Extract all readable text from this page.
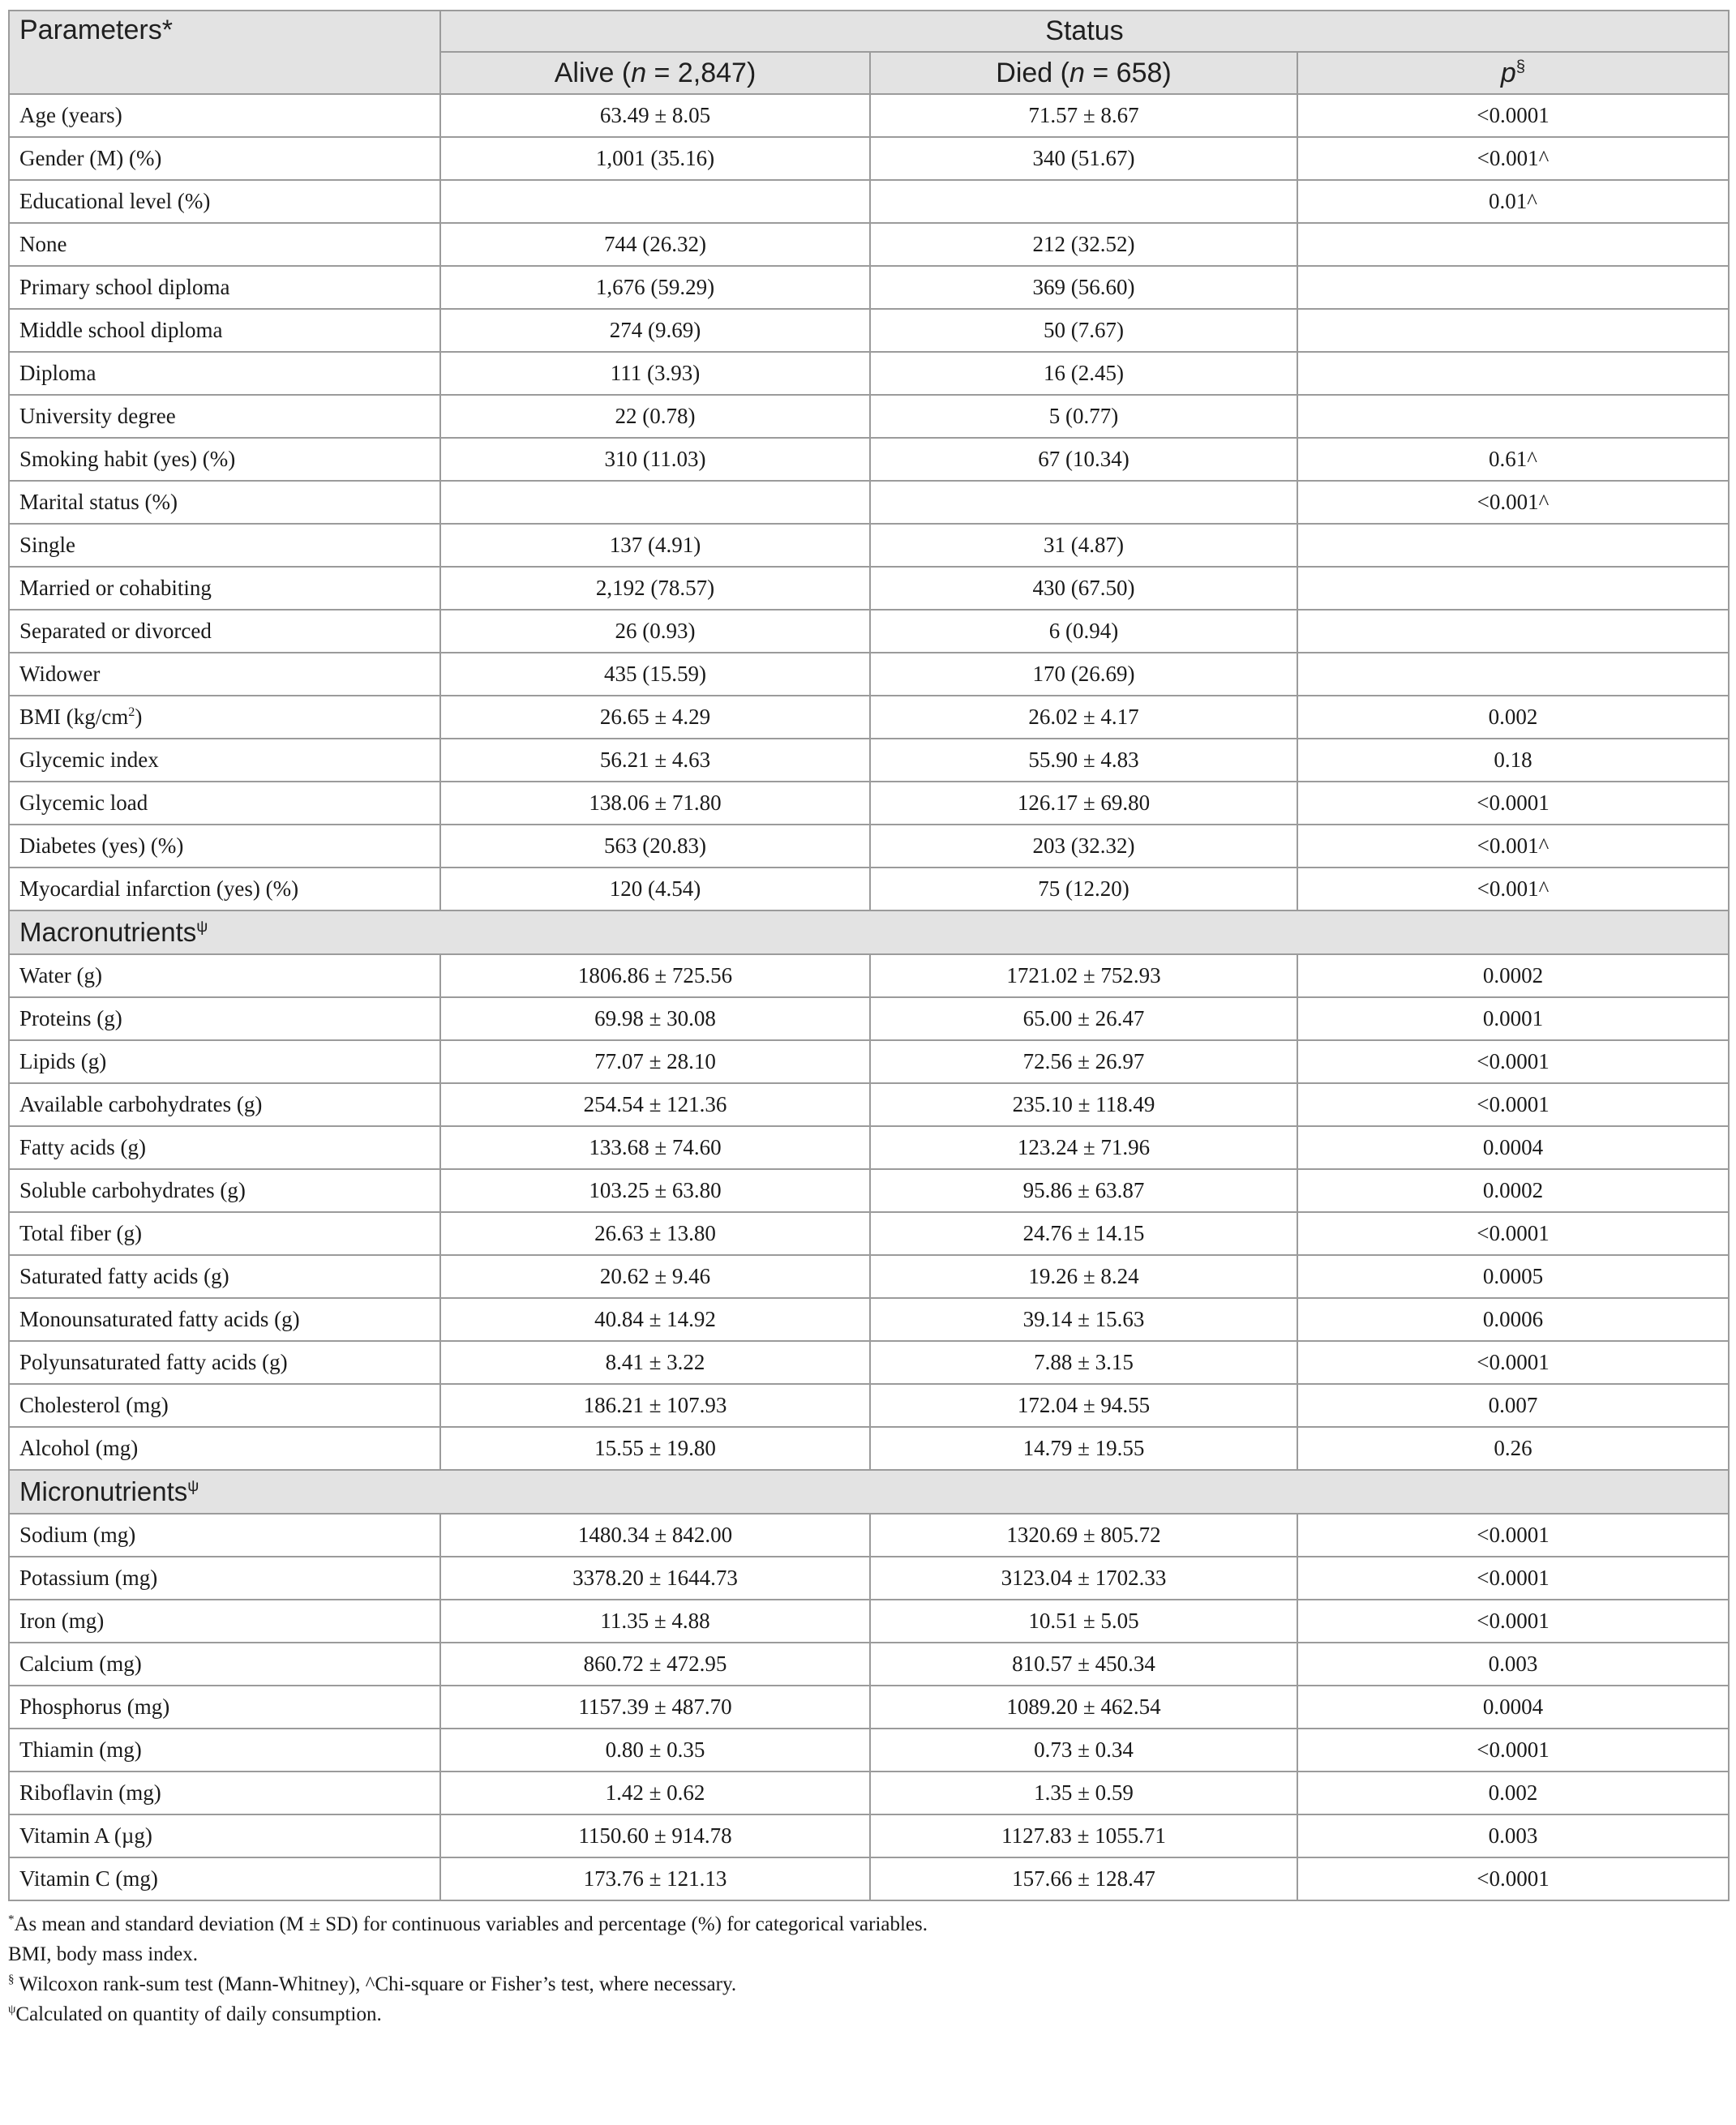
Parameters*	Status		
	Alive (n = 2,847)	Died (n = 658)	p§
Age (years)	63.49 ± 8.05	71.57 ± 8.67	<0.0001
Gender (M) (%)	1,001 (35.16)	340 (51.67)	<0.001^
Educational level (%)			0.01^
None	744 (26.32)	212 (32.52)	
Primary school diploma	1,676 (59.29)	369 (56.60)	
Middle school diploma	274 (9.69)	50 (7.67)	
Diploma	111 (3.93)	16 (2.45)	
University degree	22 (0.78)	5 (0.77)	
Smoking habit (yes) (%)	310 (11.03)	67 (10.34)	0.61^
Marital status (%)			<0.001^
Single	137 (4.91)	31 (4.87)	
Married or cohabiting	2,192 (78.57)	430 (67.50)	
Separated or divorced	26 (0.93)	6 (0.94)	
Widower	435 (15.59)	170 (26.69)	
BMI $(kg/cm^2)$	26.65 ± 4.29	26.02 ± 4.17	0.002
Glycemic index	56.21 ± 4.63	55.90 ± 4.83	0.18
Glycemic load	138.06 ± 71.80	126.17 ± 69.80	<0.0001
Diabetes (yes) (%)	563 (20.83)	203 (32.32)	<0.001^
Myocardial infarction (yes) (%)	120 (4.54)	75 (12.20)	<0.001^
Macronutrients$^\psi$
Water (g)	1806.86 ± 725.56	1721.02 ± 752.93	0.0002
Proteins (g)	69.98 ± 30.08	65.00 ± 26.47	0.0001
Lipids (g)	77.07 ± 28.10	72.56 ± 26.97	<0.0001
Available carbohydrates (g)	254.54 ± 121.36	235.10 ± 118.49	<0.0001
Fatty acids (g)	133.68 ± 74.60	123.24 ± 71.96	0.0004
Soluble carbohydrates (g)	103.25 ± 63.80	95.86 ± 63.87	0.0002
Total fiber (g)	26.63 ± 13.80	24.76 ± 14.15	<0.0001
Saturated fatty acids (g)	20.62 ± 9.46	19.26 ± 8.24	0.0005
Monounsaturated fatty acids (g)	40.84 ± 14.92	39.14 ± 15.63	0.0006
Polyunsaturated fatty acids (g)	8.41 ± 3.22	7.88 ± 3.15	<0.0001
Cholesterol (mg)	186.21 ± 107.93	172.04 ± 94.55	0.007
Alcohol (mg)	15.55 ± 19.80	14.79 ± 19.55	0.26
Micronutrients$^\psi$
Sodium (mg)	1480.34 ± 842.00	1320.69 ± 805.72	<0.0001
Potassium (mg)	3378.20 ± 1644.73	3123.04 ± 1702.33	<0.0001
Iron (mg)	11.35 ± 4.88	10.51 ± 5.05	<0.0001
Calcium (mg)	860.72 ± 472.95	810.57 ± 450.34	0.003
Phosphorus (mg)	1157.39 ± 487.70	1089.20 ± 462.54	0.0004
Thiamin (mg)	0.80 ± 0.35	0.73 ± 0.34	<0.0001
Riboflavin (mg)	1.42 ± 0.62	1.35 ± 0.59	0.002
Vitamin A (µg)	1150.60 ± 914.78	1127.83 ± 1055.71	0.003
Vitamin C (mg)	173.76 ± 121.13	157.66 ± 128.47	<0.0001
*As mean and standard deviation (M ± SD) for continuous variables and percentage (%) for categorical variables.
BMI, body mass index.
§ Wilcoxon rank-sum test (Mann-Whitney), ^Chi-square or Fisher’s test, where necessary.
$^\psi$Calculated on quantity of daily consumption.
